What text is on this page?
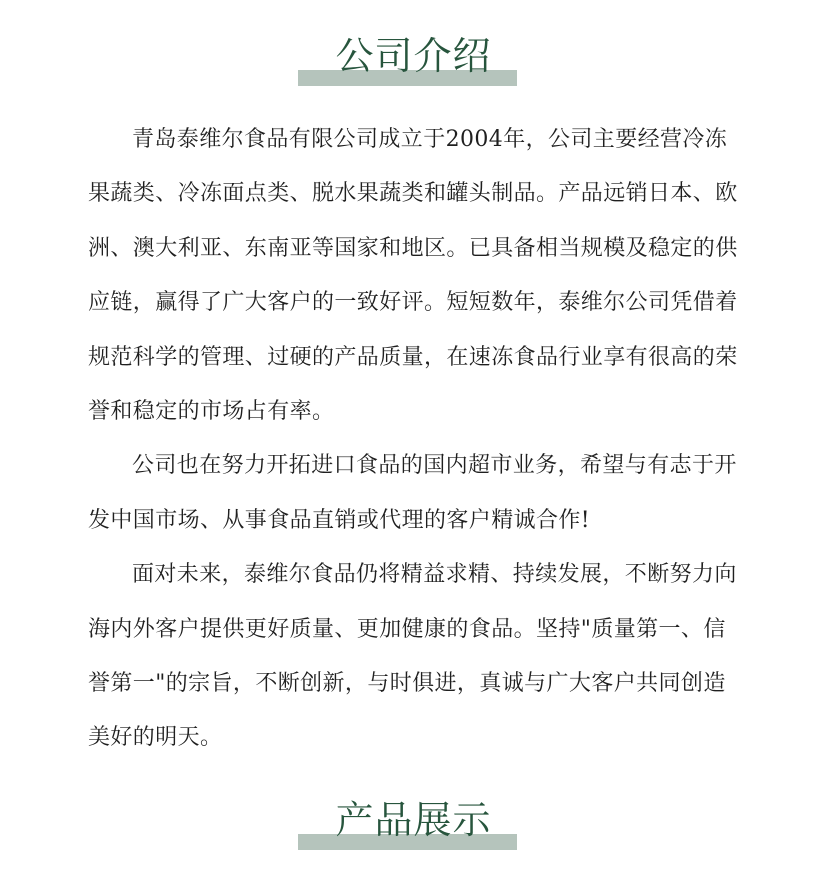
公司介绍

青岛泰维尔食品有限公司成立于2004年，公司主要经营冷冻果蔬类、冷冻面点类、脱水果蔬类和罐头制品。产品远销日本、欧洲、澳大利亚、东南亚等国家和地区。已具备相当规模及稳定的供应链，赢得了广大客户的一致好评。短短数年，泰维尔公司凭借着规范科学的管理、过硬的产品质量，在速冻食品行业享有很高的荣誉和稳定的市场占有率。

公司也在努力开拓进口食品的国内超市业务，希望与有志于开发中国市场、从事食品直销或代理的客户精诚合作!

面对未来，泰维尔食品仍将精益求精、持续发展，不断努力向海内外客户提供更好质量、更加健康的食品。坚持"质量第一、信誉第一"的宗旨，不断创新，与时俱进，真诚与广大客户共同创造美好的明天。

产品展示
